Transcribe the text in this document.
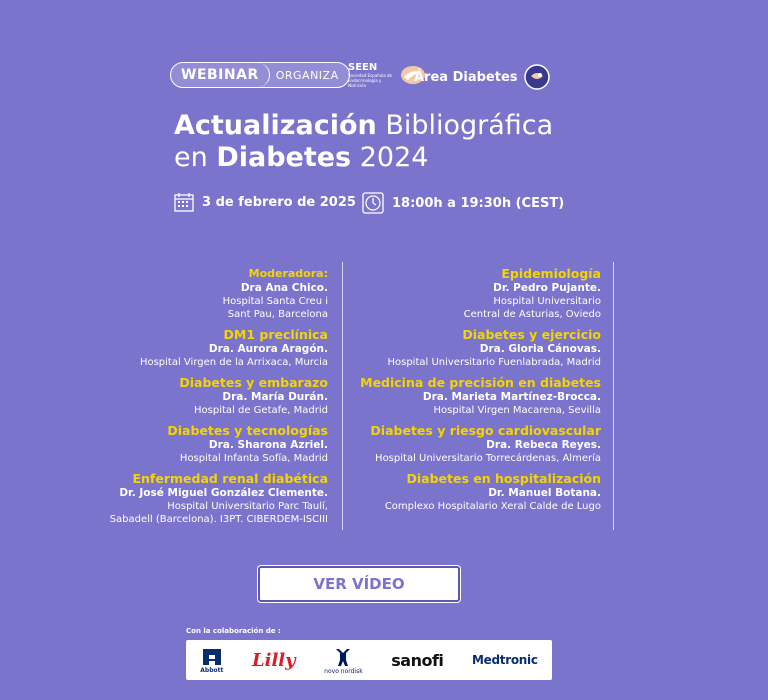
WEBINAR	ORGANIZA
SEEN
Sociedad Española de Endocrinología y Nutrición
Área Diabetes
Actualización Bibliográfica
en Diabetes 2024
3 de febrero de 2025	18:00h a 19:30h (CEST)
Moderadora:
Dra Ana Chico.
Hospital Santa Creu i
Sant Pau, Barcelona
DM1 preclínica
Dra. Aurora Aragón.
Hospital Virgen de la Arrixaca, Murcia
Diabetes y embarazo
Dra. María Durán.
Hospital de Getafe, Madrid
Diabetes y tecnologías
Dra. Sharona Azriel.
Hospital Infanta Sofía, Madrid
Enfermedad renal diabética
Dr. José Miguel González Clemente.
Hospital Universitario Parc Taulí,
Sabadell (Barcelona). I3PT. CIBERDEM-ISCIII
Epidemiología
Dr. Pedro Pujante.
Hospital Universitario
Central de Asturias, Oviedo
Diabetes y ejercicio
Dra. Gloria Cánovas.
Hospital Universitario Fuenlabrada, Madrid
Medicina de precisión en diabetes
Dra. Marieta Martínez-Brocca.
Hospital Virgen Macarena, Sevilla
Diabetes y riesgo cardiovascular
Dra. Rebeca Reyes.
Hospital Universitario Torrecárdenas, Almería
Diabetes en hospitalización
Dr. Manuel Botana.
Complexo Hospitalario Xeral Calde de Lugo
VER VÍDEO
Con la colaboración de :
Abbott Lilly
novo nordisk
sanofi Medtronic
